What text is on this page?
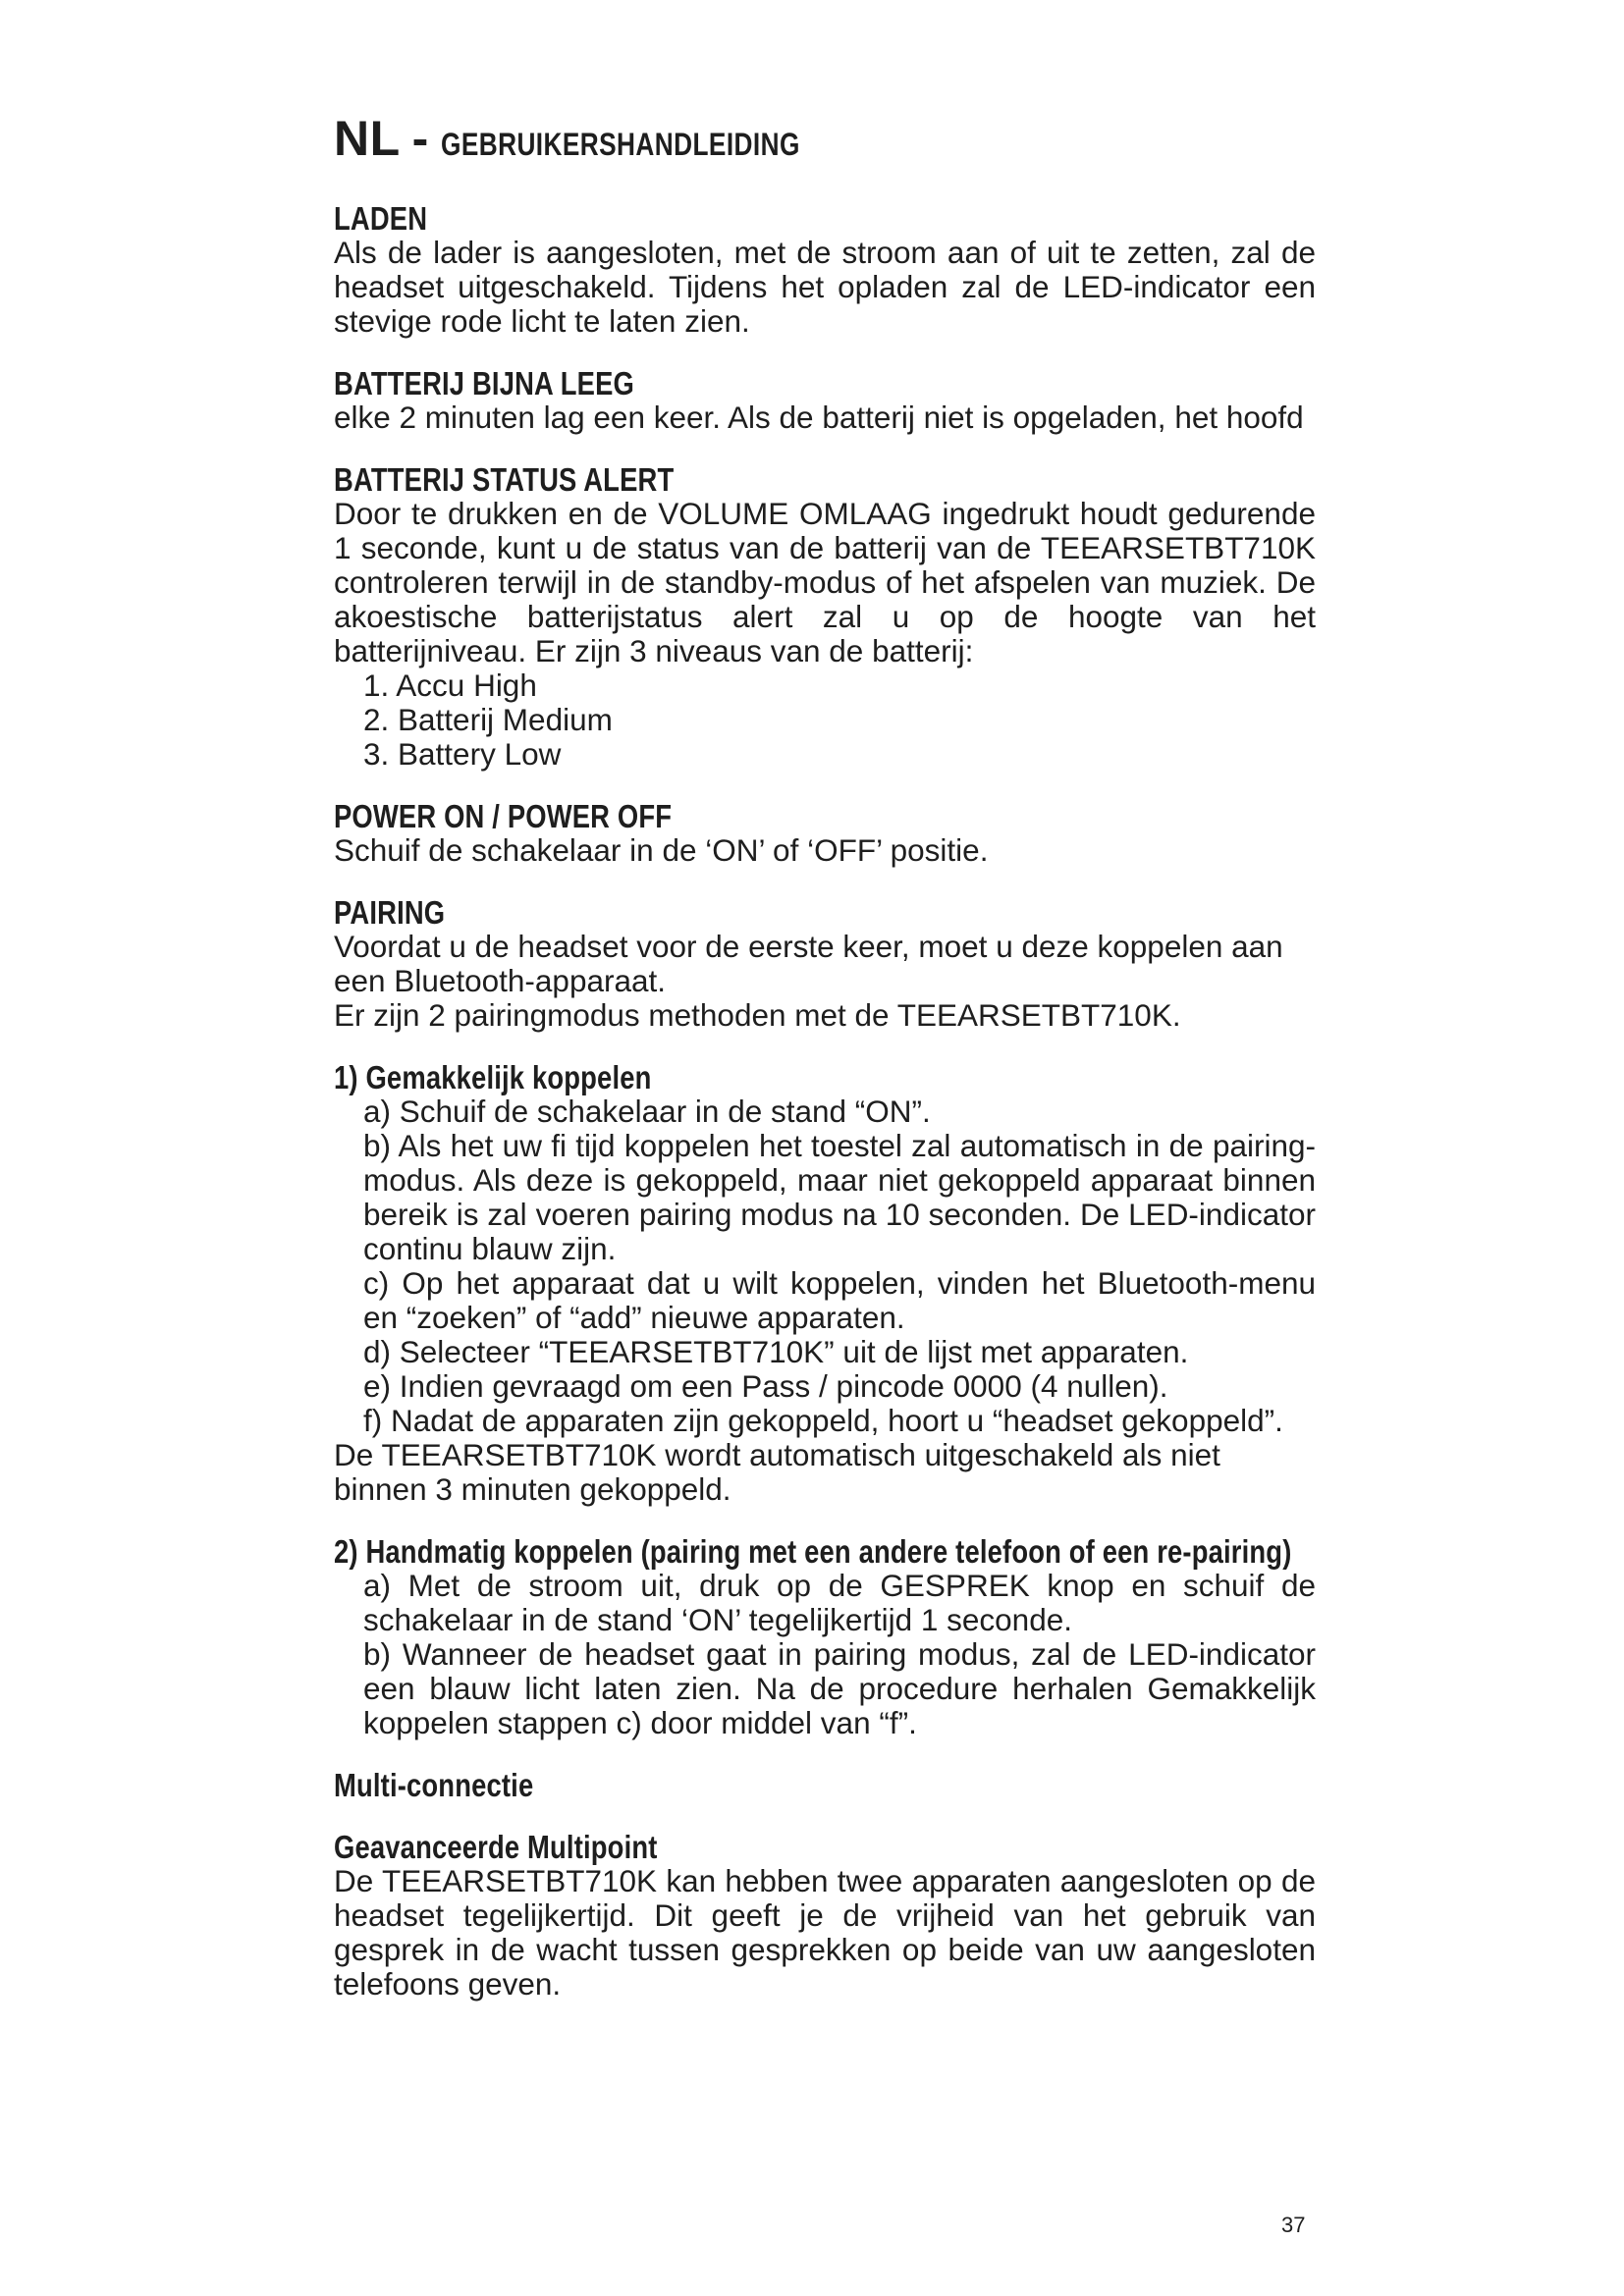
NL - GEBRUIKERSHANDLEIDING
LADEN

Als de lader is aangesloten, met de stroom aan of uit te zetten, zal de headset uitgeschakeld. Tijdens het opladen zal de LED-indicator een stevige rode licht te laten zien.

BATTERIJ BIJNA LEEG

elke 2 minuten lag een keer. Als de batterij niet is opgeladen, het hoofd

BATTERIJ STATUS ALERT

Door te drukken en de VOLUME OMLAAG ingedrukt houdt gedurende 1 seconde, kunt u de status van de batterij van de TEEARSETBT710K controleren terwijl in de standby-modus of het afspelen van muziek. De akoestische batterijstatus alert zal u op de hoogte van het batterijniveau. Er zijn 3 niveaus van de batterij:

1. Accu High
2. Batterij Medium
3. Battery Low
POWER ON / POWER OFF

Schuif de schakelaar in de ‘ON’ of ‘OFF’ positie.

PAIRING

Voordat u de headset voor de eerste keer, moet u deze koppelen aan een Bluetooth-apparaat.

Er zijn 2 pairingmodus methoden met de TEEARSETBT710K.

1) Gemakkelijk koppelen
a) Schuif de schakelaar in de stand “ON”.
b) Als het uw fi tijd koppelen het toestel zal automatisch in de pairing-modus. Als deze is gekoppeld, maar niet gekoppeld apparaat binnen bereik is zal voeren pairing modus na 10 seconden. De LED-indicator continu blauw zijn.
c) Op het apparaat dat u wilt koppelen, vinden het Bluetooth-menu en “zoeken” of “add” nieuwe apparaten.
d) Selecteer “TEEARSETBT710K” uit de lijst met apparaten.
e) Indien gevraagd om een Pass / pincode 0000 (4 nullen).
f) Nadat de apparaten zijn gekoppeld, hoort u “headset gekoppeld”.

De TEEARSETBT710K wordt automatisch uitgeschakeld als niet binnen 3 minuten gekoppeld.

2) Handmatig koppelen (pairing met een andere telefoon of een re-pairing)
a) Met de stroom uit, druk op de GESPREK knop en schuif de schakelaar in de stand ‘ON’ tegelijkertijd 1 seconde.
b) Wanneer de headset gaat in pairing modus, zal de LED-indicator een blauw licht laten zien. Na de procedure herhalen Gemakkelijk koppelen stappen c) door middel van “f”.
Multi-connectie
Geavanceerde Multipoint

De TEEARSETBT710K kan hebben twee apparaten aangesloten op de headset tegelijkertijd. Dit geeft je de vrijheid van het gebruik van gesprek in de wacht tussen gesprekken op beide van uw aangesloten telefoons geven.

37
